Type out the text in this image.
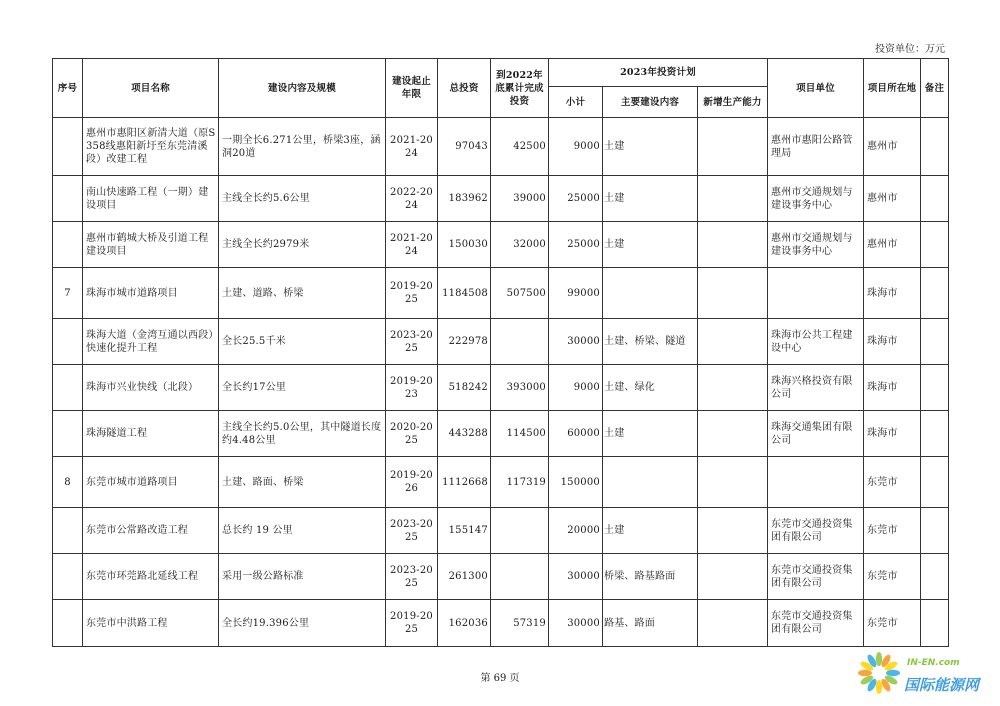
投资单位：万元
序号	项目名称	建设内容及规模	建设起止年限	总投资	到2022年底累计完成投资	2023年投资计划			项目单位	项目所在地	备注
						小计	主要建设内容	新增生产能力			
	惠州市惠阳区新清大道（原S358线惠阳新圩至东莞清溪段）改建工程	一期全长6.271公里，桥梁3座，涵洞20道	2021-2024	97043	42500	9000	土建		惠州市惠阳公路管理局	惠州市	
	南山快速路工程（一期）建设项目	主线全长约5.6公里	2022-2024	183962	39000	25000	土建		惠州市交通规划与建设事务中心	惠州市	
	惠州市鹤城大桥及引道工程建设项目	主线全长约2979米	2021-2024	150030	32000	25000	土建		惠州市交通规划与建设事务中心	惠州市	
7	珠海市城市道路项目	土建、道路、桥梁	2019-2025	1184508	507500	99000				珠海市	
	珠海大道（金湾互通以西段）快速化提升工程	全长25.5千米	2023-2025	222978		30000	土建、桥梁、隧道		珠海市公共工程建设中心	珠海市	
	珠海市兴业快线（北段）	全长约17公里	2019-2023	518242	393000	9000	土建、绿化		珠海兴格投资有限公司	珠海市	
	珠海隧道工程	主线全长约5.0公里，其中隧道长度约4.48公里	2020-2025	443288	114500	60000	土建		珠海交通集团有限公司	珠海市	
8	东莞市城市道路项目	土建、路面、桥梁	2019-2026	1112668	117319	150000				东莞市	
	东莞市公常路改造工程	总长约 19 公里	2023-2025	155147		20000	土建		东莞市交通投资集团有限公司	东莞市	
	东莞市环莞路北延线工程	采用一级公路标准	2023-2025	261300		30000	桥梁、路基路面		东莞市交通投资集团有限公司	东莞市	
	东莞市中洪路工程	全长约19.396公里	2019-2025	162036	57319	30000	路基、路面		东莞市交通投资集团有限公司	东莞市	
第 69 页
IN-EN.com
国际能源网
